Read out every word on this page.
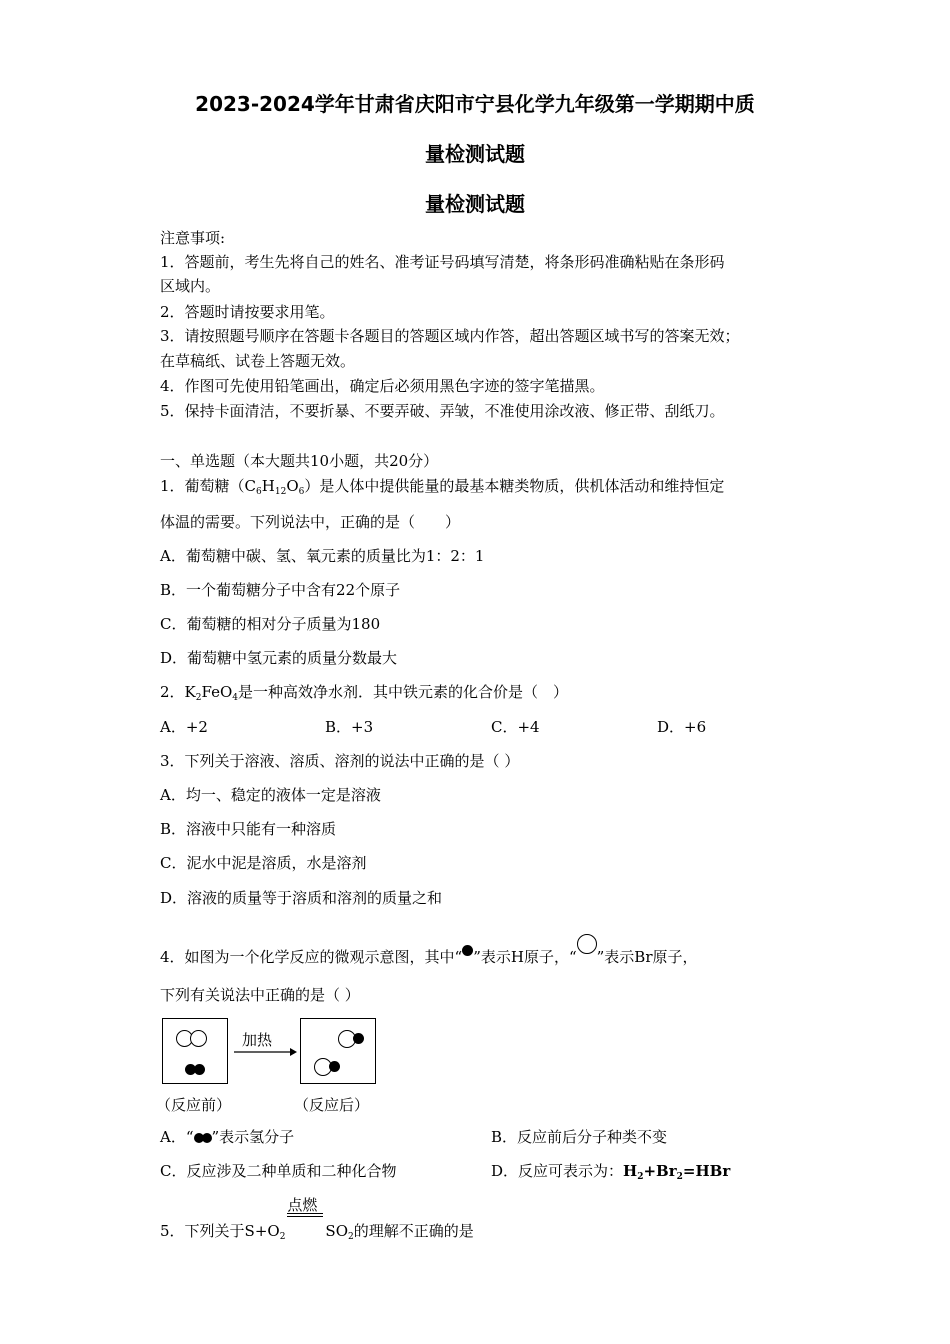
2023-2024学年甘肃省庆阳市宁县化学九年级第一学期期中质
量检测试题
量检测试题
注意事项:
1．答题前，考生先将自己的姓名、准考证号码填写清楚，将条形码准确粘贴在条形码
区域内。
2．答题时请按要求用笔。
3．请按照题号顺序在答题卡各题目的答题区域内作答，超出答题区域书写的答案无效；
在草稿纸、试卷上答题无效。
4．作图可先使用铅笔画出，确定后必须用黑色字迹的签字笔描黑。
5．保持卡面清洁，不要折暴、不要弄破、弄皱，不准使用涂改液、修正带、刮纸刀。
一、单选题（本大题共10小题，共20分）
1．葡萄糖$(C_6H_{12}O_6)$是人体中提供能量的最基本糖类物质，供机体活动和维持恒定
体温的需要。下列说法中，正确的是（　　）
A．葡萄糖中碳、氢、氧元素的质量比为1：2：1
B．一个葡萄糖分子中含有22个原子
C．葡萄糖的相对分子质量为180
D．葡萄糖中氢元素的质量分数最大
2．$K_2FeO_4$是一种高效净水剂．其中铁元素的化合价是（　）
A．+2	B．+3	C．+4	D．+6
3．下列关于溶液、溶质、溶剂的说法中正确的是（ ）
A．均一、稳定的液体一定是溶液
B．溶液中只能有一种溶质
C．泥水中泥是溶质，水是溶剂
D．溶液的质量等于溶质和溶剂的质量之和
4．如图为一个化学反应的微观示意图，其中“ ”表示H原子，“ ”表示Br原子，
下列有关说法中正确的是（ ）
加热
（反应前）	（反应后）
A．“ ”表示氢分子	B．反应前后分子种类不变
C．反应涉及二种单质和二种化合物	D．反应可表示为：$H_2+Br_2=HBr$
5．下列关于$S+O_2$
点燃
$SO_2$的理解不正确的是
